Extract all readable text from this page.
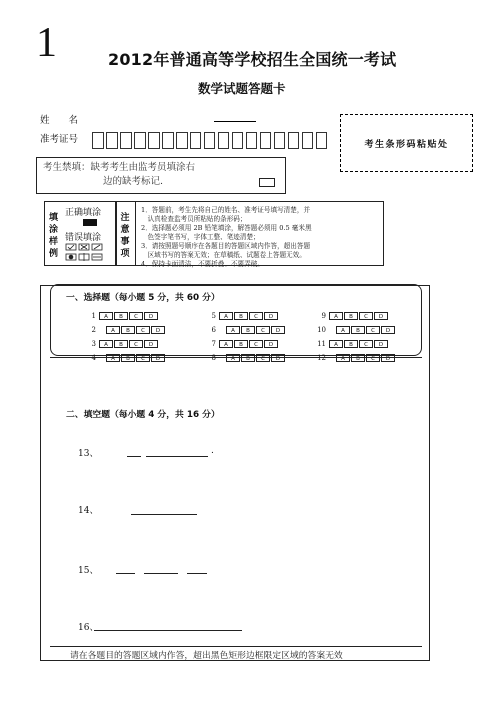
1	2012年普通高等学校招生全国统一考试
数学试题答题卡
姓　　名
准考证号	考生条形码粘贴处
考生禁填：缺考考生由监考员填涂右
边的缺考标记.
填涂样例
正确填涂
错误填涂
注意事项

1．答题前，考生先将自己的姓名、准考证号填写清楚，并

　认真检查监考员所粘贴的条形码；

2．选择题必须用 2B 铅笔填涂，解答题必须用 0.5 毫米黑

　色签字笔书写，字体工整、笔迹清楚；

3．请按照题号顺序在各题目的答题区域内作答，超出答题

　区域书写的答案无效；在草稿纸、试题卷上答题无效。

4．保持卡面清洁，不要折叠、不要弄破。

一、选择题（每小题 5 分，共 60 分）
1	A	B	C	D
2	A	B	C	D
3	A	B	C	D
4	A	B	C	D
5	A	B	C	D
6	A	B	C	D
7	A	B	C	D
8	A	B	C	D
9	A	B	C	D
10	A	B	C	D
11	A	B	C	D
12	A	B	C	D
二、填空题（每小题 4 分，共 16 分）
13、	.
14、
15、
16、
请在各题目的答题区域内作答，超出黑色矩形边框限定区域的答案无效
